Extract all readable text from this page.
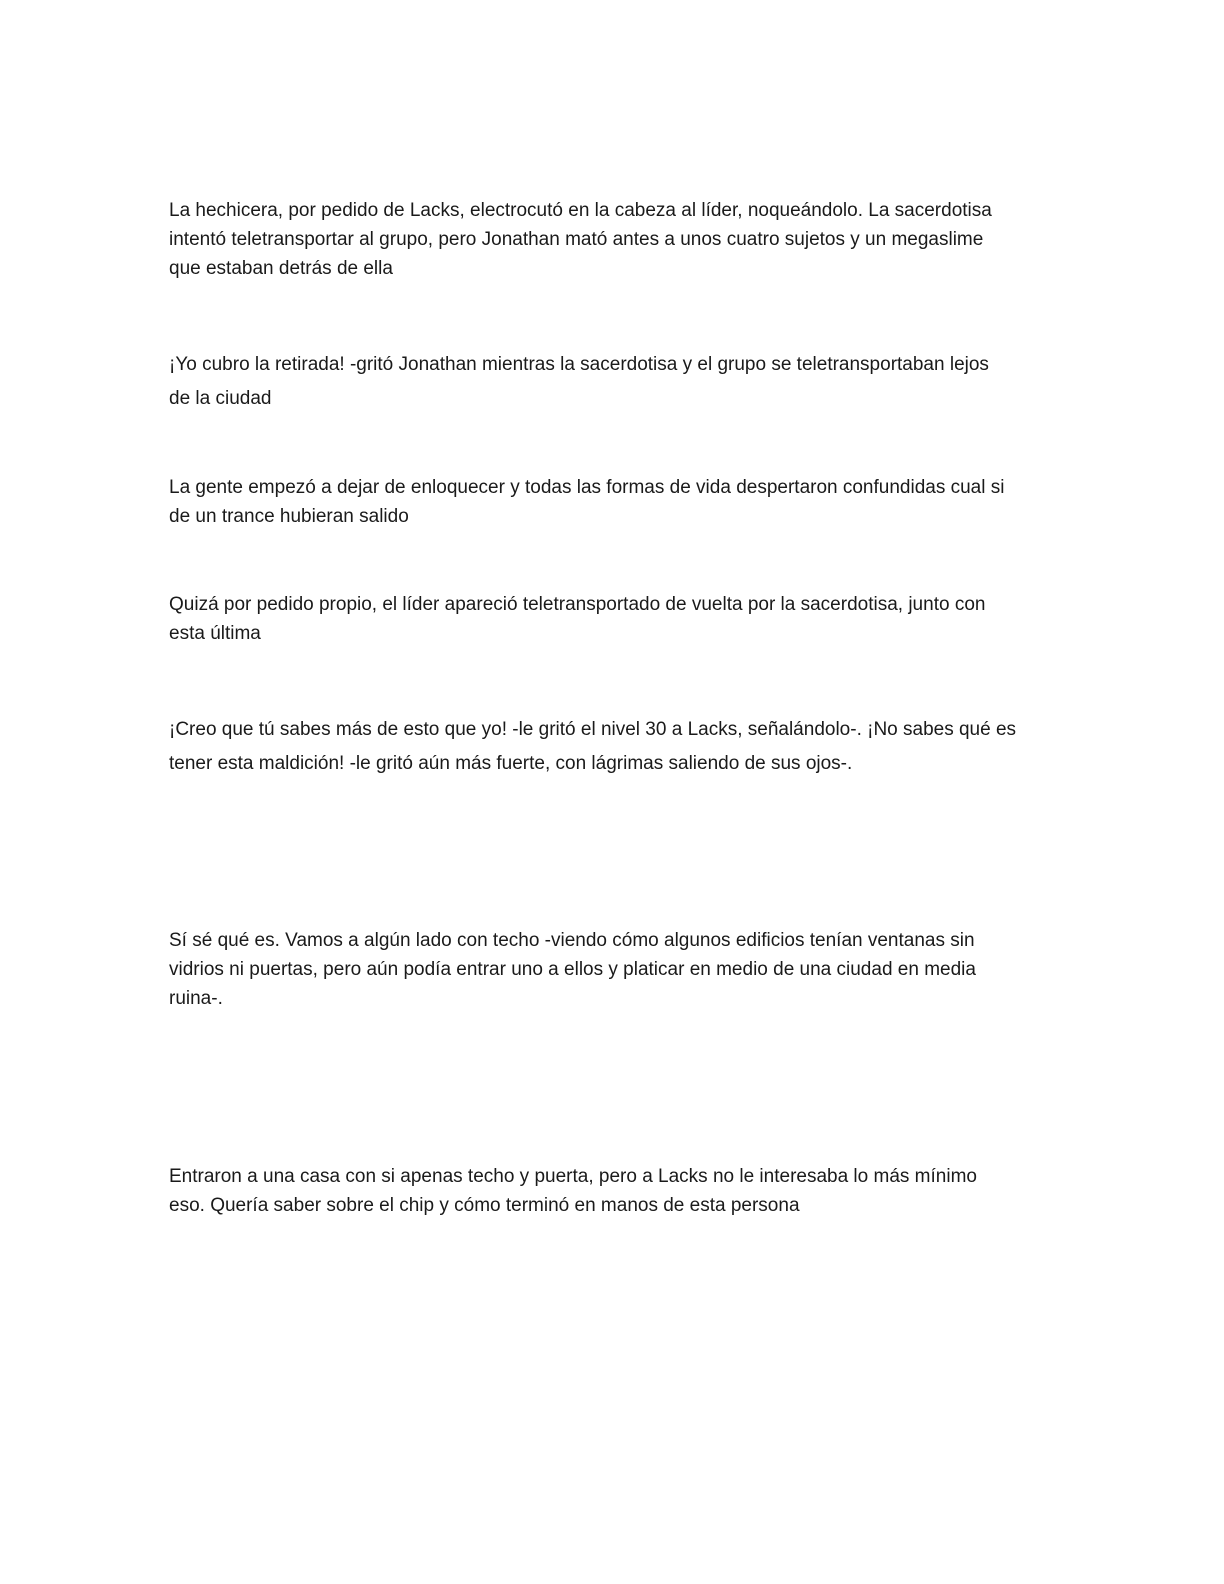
La hechicera, por pedido de Lacks, electrocutó en la cabeza al líder, noqueándolo. La sacerdotisa
intentó teletransportar al grupo, pero Jonathan mató antes a unos cuatro sujetos y un megaslime
que estaban detrás de ella

¡Yo cubro la retirada! -gritó Jonathan mientras la sacerdotisa y el grupo se teletransportaban lejos
de la ciudad

La gente empezó a dejar de enloquecer y todas las formas de vida despertaron confundidas cual si
de un trance hubieran salido

Quizá por pedido propio, el líder apareció teletransportado de vuelta por la sacerdotisa, junto con
esta última

¡Creo que tú sabes más de esto que yo! -le gritó el nivel 30 a Lacks, señalándolo-. ¡No sabes qué es
tener esta maldición! -le gritó aún más fuerte, con lágrimas saliendo de sus ojos-.

Sí sé qué es. Vamos a algún lado con techo -viendo cómo algunos edificios tenían ventanas sin
vidrios ni puertas, pero aún podía entrar uno a ellos y platicar en medio de una ciudad en media
ruina-.

Entraron a una casa con si apenas techo y puerta, pero a Lacks no le interesaba lo más mínimo
eso. Quería saber sobre el chip y cómo terminó en manos de esta persona
